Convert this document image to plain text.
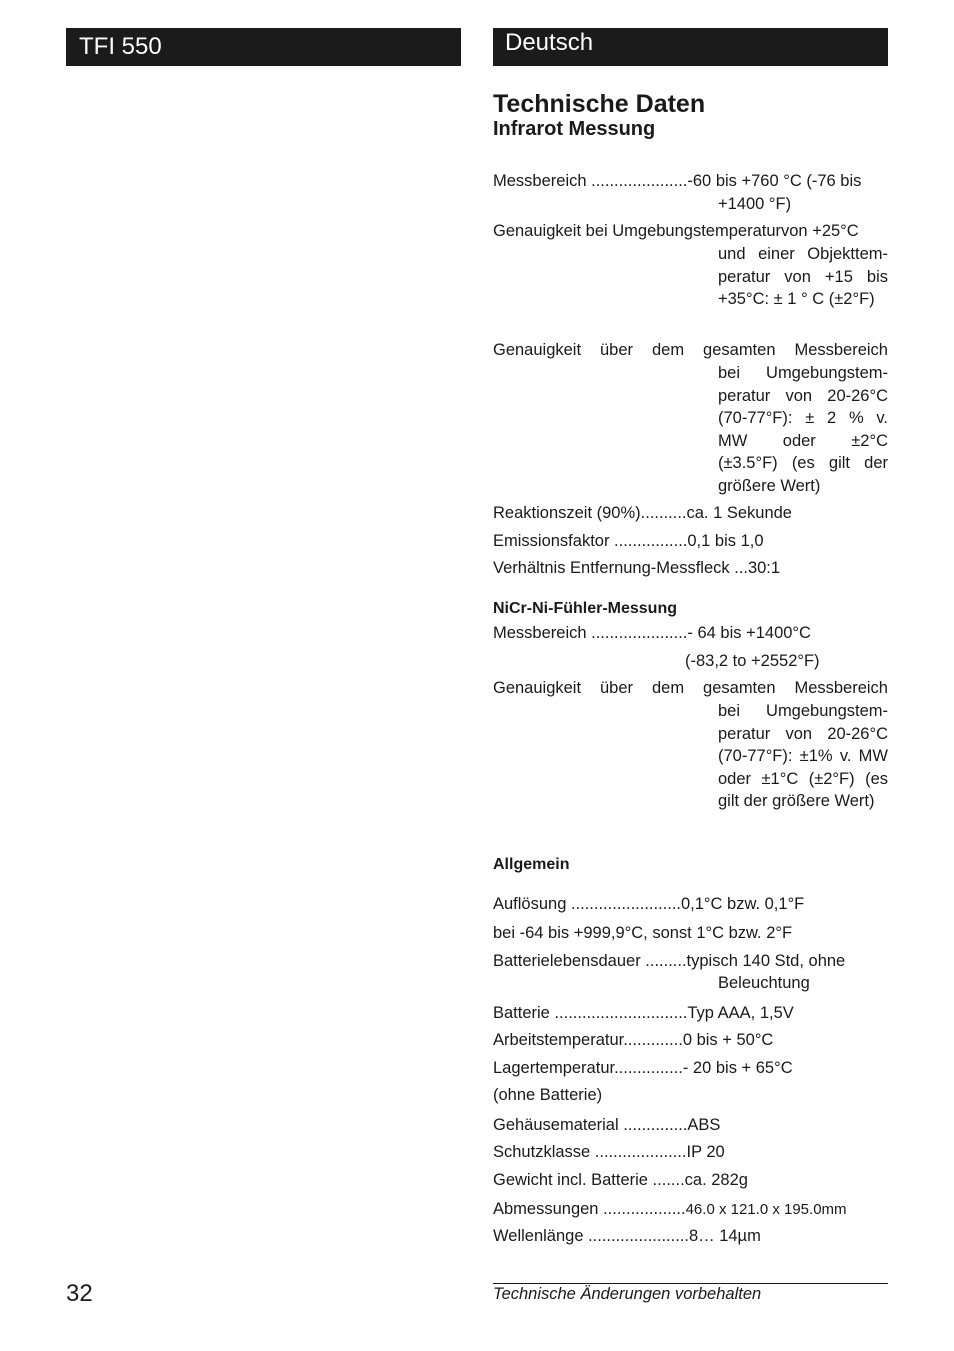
TFI 550	Deutsch
Technische Daten
Infrarot Messung
Messbereich .....................-60 bis +760 °C (-76 bis
+1400 °F)
Genauigkeit bei Umgebungstemperaturvon +25°C
und einer Objekttem-peratur von +15 bis +35°C: ± 1 ° C (±2°F)
Genauigkeit über dem gesamten Messbereich
bei Umgebungstem-peratur von 20-26°C (70-77°F): ± 2 % v. MW oder ±2°C (±3.5°F) (es gilt der größere Wert)
Reaktionszeit (90%)..........ca. 1 Sekunde
Emissionsfaktor ................0,1 bis 1,0
Verhältnis Entfernung-Messfleck ...30:1
NiCr-Ni-Fühler-Messung
Messbereich .....................- 64 bis +1400°C
(-83,2 to +2552°F)
Genauigkeit über dem gesamten Messbereich
bei Umgebungstem-peratur von 20-26°C (70-77°F): ±1% v. MW oder ±1°C (±2°F) (es gilt der größere Wert)
Allgemein
Auflösung ........................0,1°C bzw. 0,1°F
bei -64 bis +999,9°C, sonst 1°C bzw. 2°F
Batterielebensdauer .........typisch 140 Std, ohne
Beleuchtung
Batterie .............................Typ AAA, 1,5V
Arbeitstemperatur.............0 bis + 50°C
Lagertemperatur...............- 20 bis + 65°C
(ohne Batterie)
Gehäusematerial ..............ABS
Schutzklasse ....................IP 20
Gewicht incl. Batterie .......ca. 282g
Abmessungen ..................46.0 x 121.0 x 195.0mm
Wellenlänge ......................8… 14µm
32	Technische Änderungen vorbehalten
